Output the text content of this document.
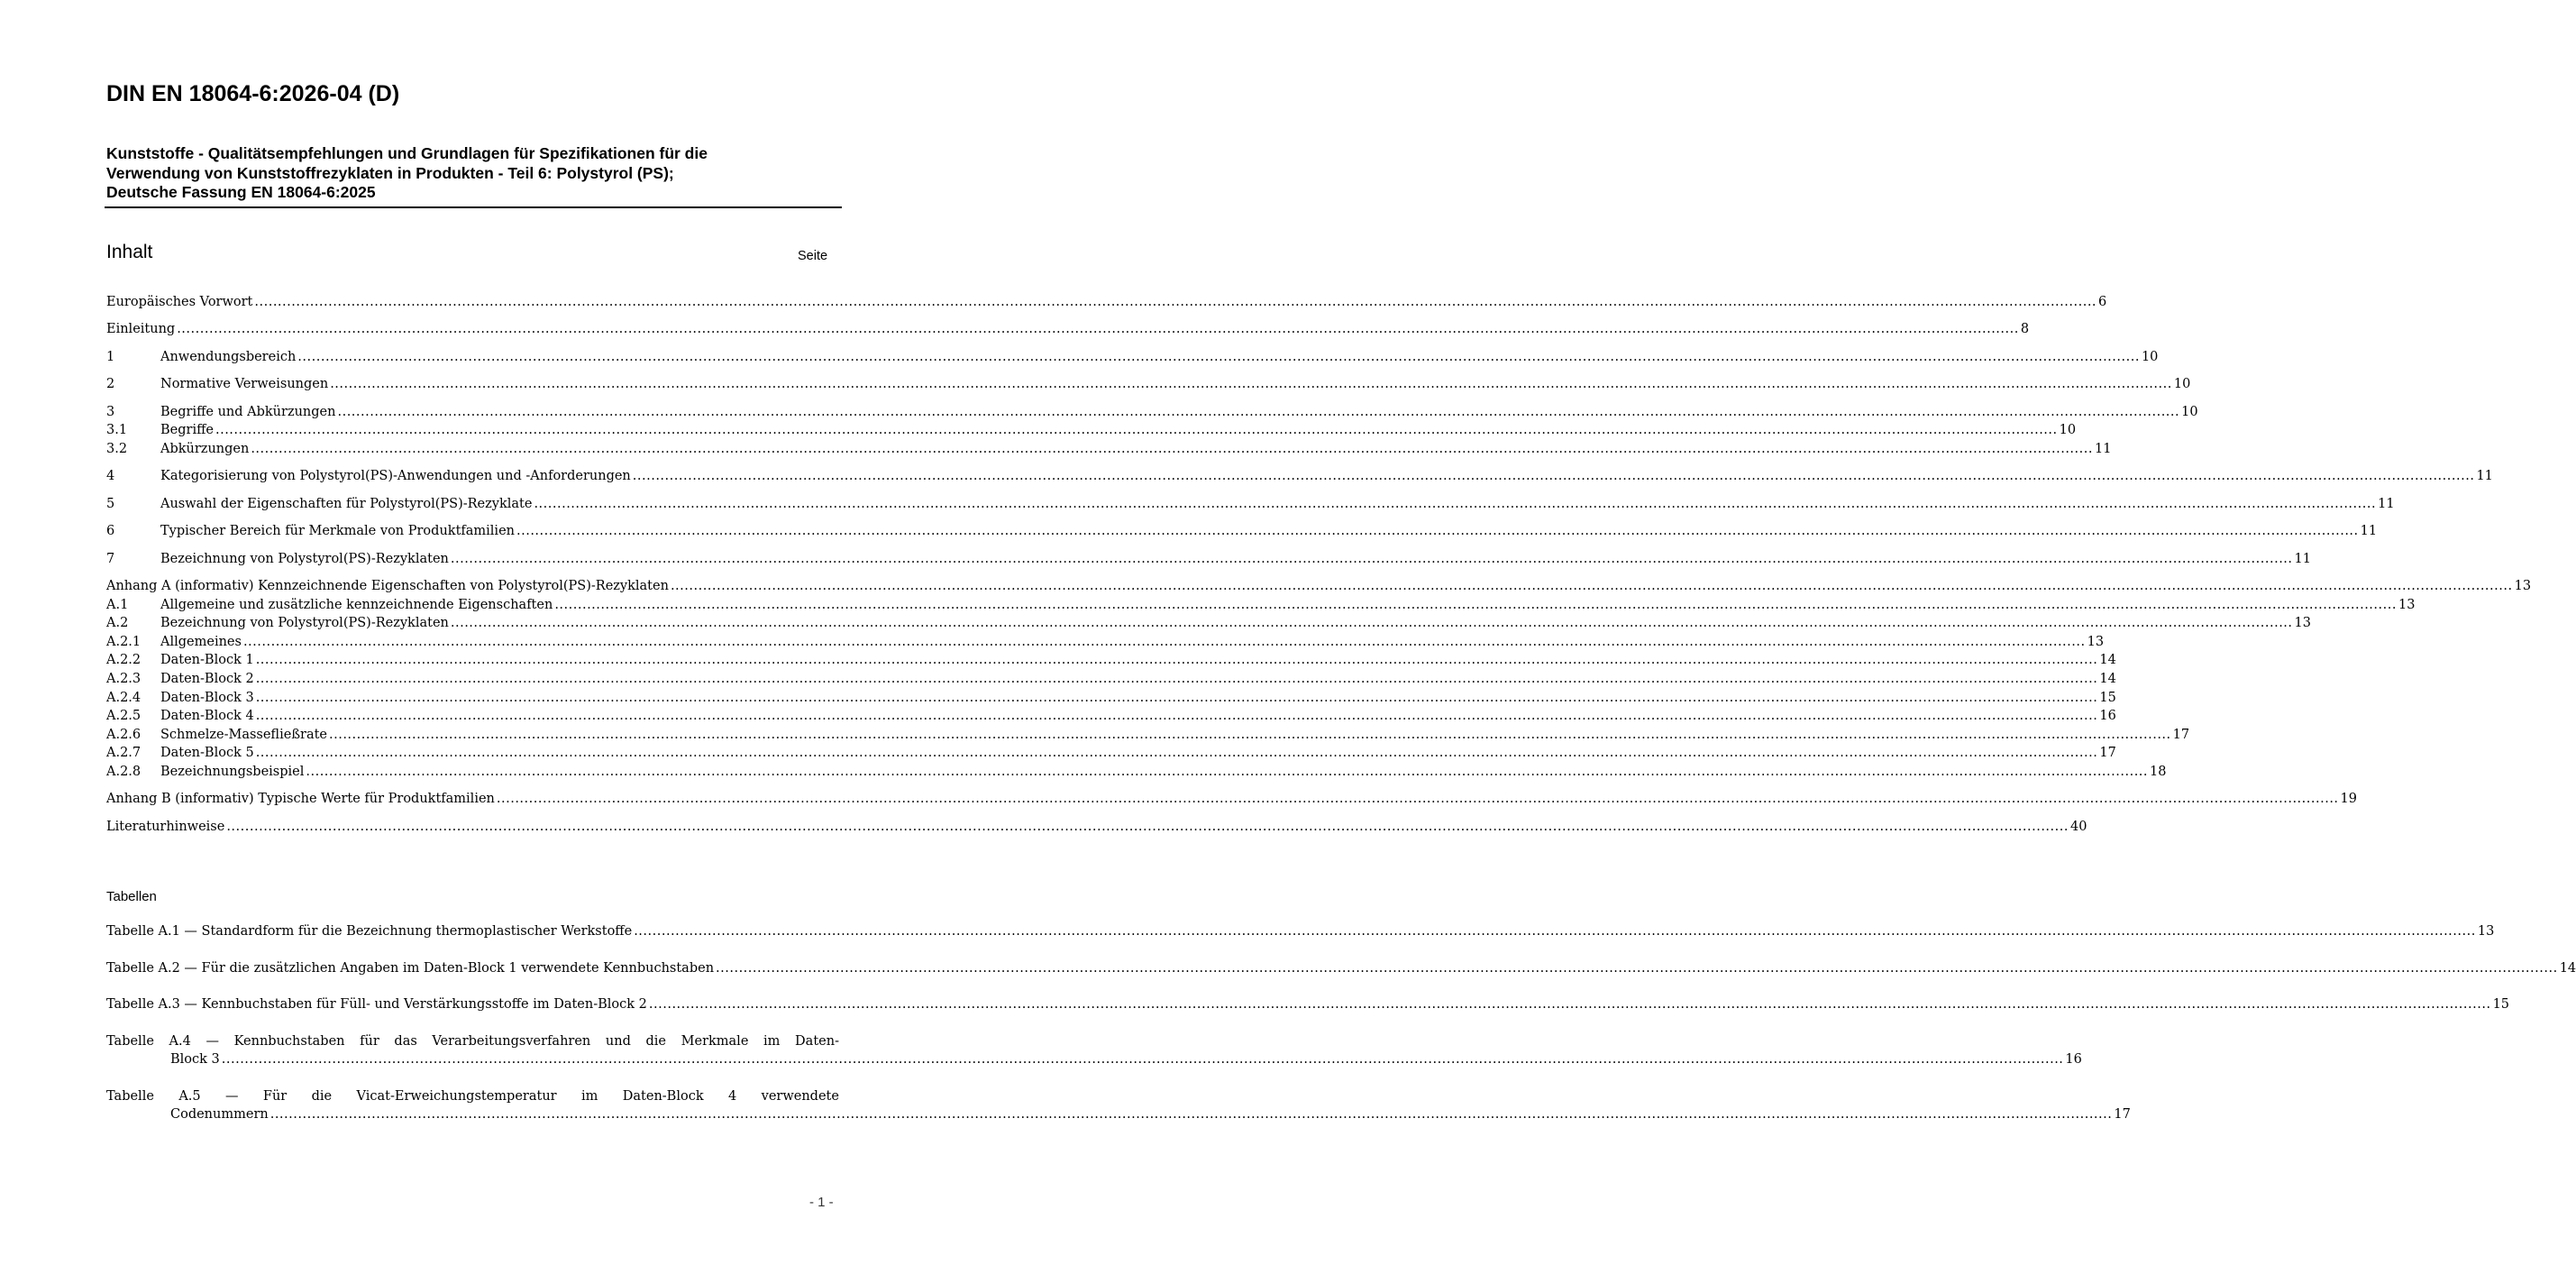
DIN EN 18064-6:2026-04 (D)
Kunststoffe - Qualitätsempfehlungen und Grundlagen für Spezifikationen für die
Verwendung von Kunststoffrezyklaten in Produkten - Teil 6: Polystyrol (PS);
Deutsche Fassung EN 18064-6:2025
Inhalt	Seite
Europäisches Vorwort ................................................................................................................................................................................................................................................................................................................................................................................................................ 6
Einleitung ................................................................................................................................................................................................................................................................................................................................................................................................................ 8
1	Anwendungsbereich ................................................................................................................................................................................................................................................................................................................................................................................................................ 10
2	Normative Verweisungen ................................................................................................................................................................................................................................................................................................................................................................................................................ 10
3	Begriffe und Abkürzungen ................................................................................................................................................................................................................................................................................................................................................................................................................ 10
3.1	Begriffe ................................................................................................................................................................................................................................................................................................................................................................................................................ 10
3.2	Abkürzungen ................................................................................................................................................................................................................................................................................................................................................................................................................ 11
4	Kategorisierung von Polystyrol(PS)-Anwendungen und -Anforderungen ................................................................................................................................................................................................................................................................................................................................................................................................................ 11
5	Auswahl der Eigenschaften für Polystyrol(PS)-Rezyklate ................................................................................................................................................................................................................................................................................................................................................................................................................ 11
6	Typischer Bereich für Merkmale von Produktfamilien ................................................................................................................................................................................................................................................................................................................................................................................................................ 11
7	Bezeichnung von Polystyrol(PS)-Rezyklaten ................................................................................................................................................................................................................................................................................................................................................................................................................ 11
Anhang A (informativ) Kennzeichnende Eigenschaften von Polystyrol(PS)-Rezyklaten ................................................................................................................................................................................................................................................................................................................................................................................................................ 13
A.1 Allgemeine und zusätzliche kennzeichnende Eigenschaften ................................................................................................................................................................................................................................................................................................................................................................................................................ 13
A.2 Bezeichnung von Polystyrol(PS)-Rezyklaten ................................................................................................................................................................................................................................................................................................................................................................................................................ 13
A.2.1 Allgemeines ................................................................................................................................................................................................................................................................................................................................................................................................................ 13
A.2.2 Daten-Block 1 ................................................................................................................................................................................................................................................................................................................................................................................................................ 14
A.2.3 Daten-Block 2 ................................................................................................................................................................................................................................................................................................................................................................................................................ 14
A.2.4 Daten-Block 3 ................................................................................................................................................................................................................................................................................................................................................................................................................ 15
A.2.5 Daten-Block 4 ................................................................................................................................................................................................................................................................................................................................................................................................................ 16
A.2.6 Schmelze-Massefließrate ................................................................................................................................................................................................................................................................................................................................................................................................................ 17
A.2.7 Daten-Block 5 ................................................................................................................................................................................................................................................................................................................................................................................................................ 17
A.2.8 Bezeichnungsbeispiel ................................................................................................................................................................................................................................................................................................................................................................................................................ 18
Anhang B (informativ) Typische Werte für Produktfamilien ................................................................................................................................................................................................................................................................................................................................................................................................................ 19
Literaturhinweise ................................................................................................................................................................................................................................................................................................................................................................................................................ 40
Tabellen
Tabelle A.1 — Standardform für die Bezeichnung thermoplastischer Werkstoffe ................................................................................................................................................................................................................................................................................................................................................................................................................ 13
Tabelle A.2 — Für die zusätzlichen Angaben im Daten-Block 1 verwendete Kennbuchstaben ................................................................................................................................................................................................................................................................................................................................................................................................................ 14
Tabelle A.3 — Kennbuchstaben für Füll- und Verstärkungsstoffe im Daten-Block 2 ................................................................................................................................................................................................................................................................................................................................................................................................................ 15
Tabelle A.4 — Kennbuchstaben für das Verarbeitungsverfahren und die Merkmale im Daten-
Block 3 ................................................................................................................................................................................................................................................................................................................................................................................................................ 16
Tabelle A.5 — Für die Vicat-Erweichungstemperatur im Daten-Block 4 verwendete
Codenummern ................................................................................................................................................................................................................................................................................................................................................................................................................ 17
- 1 -
